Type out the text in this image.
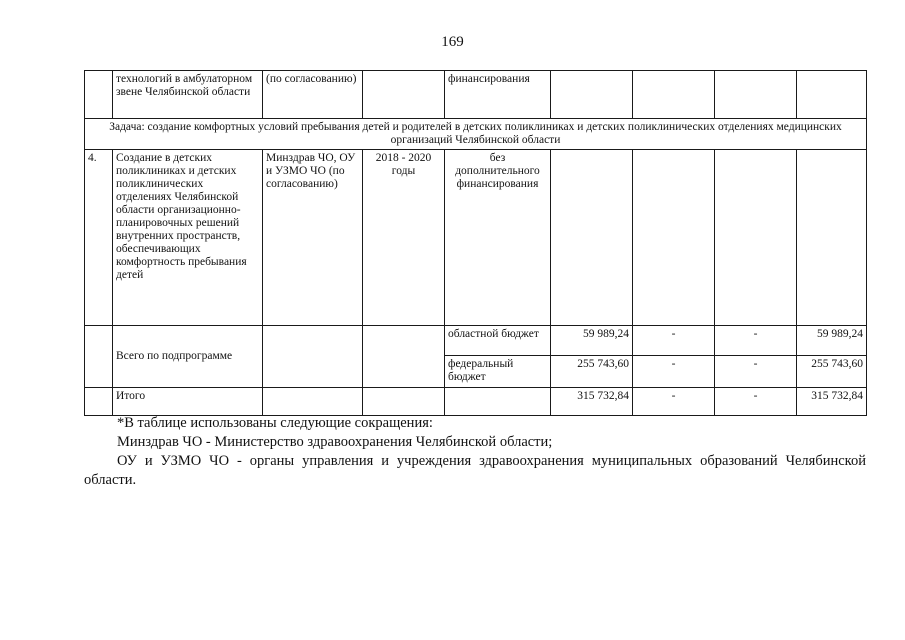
169
	технологий в амбулаторном звене Челябинской области	(по согласованию)		финансирования				
Задача: создание комфортных условий пребывания детей и родителей в детских поликлиниках и детских поликлинических отделениях медицинских организаций Челябинской области								
4.	Создание в детских поликлиниках и детских поликлинических отделениях Челябинской области организационно-планировочных решений внутренних пространств, обеспечивающих комфортность пребывания детей	Минздрав ЧО, ОУ и УЗМО ЧО (по согласованию)	2018 - 2020 годы	без дополнительного финансирования				
	Всего по подпрограмме			областной бюджет	59 989,24	-	-	59 989,24
				федеральный бюджет	255 743,60	-	-	255 743,60
	Итого				315 732,84	-	-	315 732,84

*В таблице использованы следующие сокращения:

Минздрав ЧО - Министерство здравоохранения Челябинской области;

ОУ и УЗМО ЧО - органы управления и учреждения здравоохранения муниципальных образований Челябинской области.
